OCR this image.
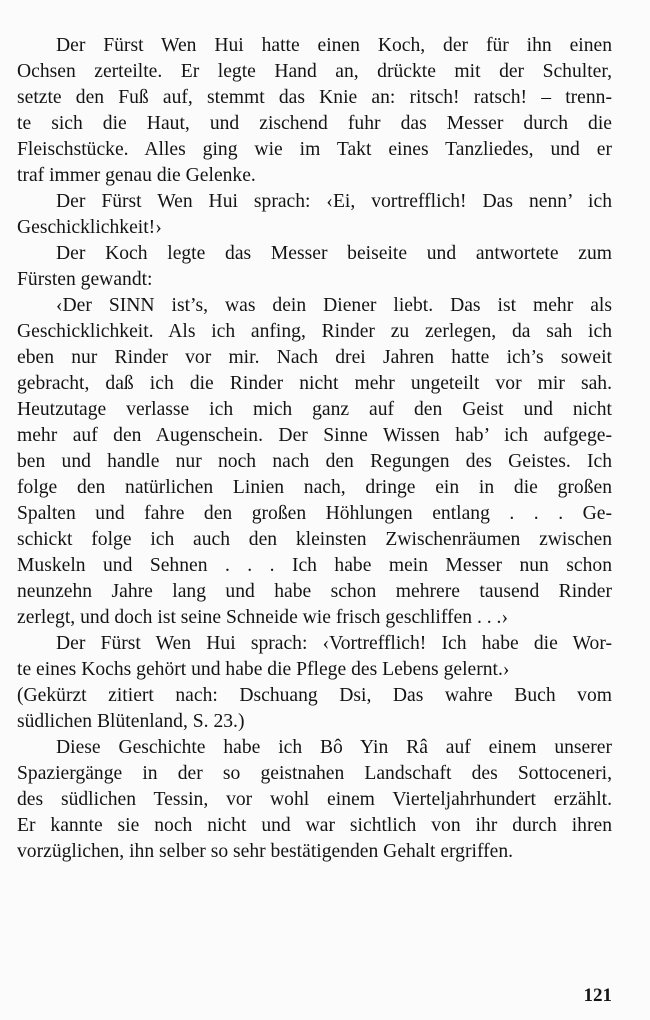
Der Fürst Wen Hui hatte einen Koch, der für ihn einen
Ochsen zerteilte. Er legte Hand an, drückte mit der Schulter,
setzte den Fuß auf, stemmt das Knie an: ritsch! ratsch! – trenn-
te sich die Haut, und zischend fuhr das Messer durch die
Fleischstücke. Alles ging wie im Takt eines Tanzliedes, und er
traf immer genau die Gelenke.
Der Fürst Wen Hui sprach: ‹Ei, vortrefflich! Das nenn’ ich
Geschicklichkeit!›
Der Koch legte das Messer beiseite und antwortete zum
Fürsten gewandt:
‹Der SINN ist’s, was dein Diener liebt. Das ist mehr als
Geschicklichkeit. Als ich anfing, Rinder zu zerlegen, da sah ich
eben nur Rinder vor mir. Nach drei Jahren hatte ich’s soweit
gebracht, daß ich die Rinder nicht mehr ungeteilt vor mir sah.
Heutzutage verlasse ich mich ganz auf den Geist und nicht
mehr auf den Augenschein. Der Sinne Wissen hab’ ich aufgege-
ben und handle nur noch nach den Regungen des Geistes. Ich
folge den natürlichen Linien nach, dringe ein in die großen
Spalten und fahre den großen Höhlungen entlang . . . Ge-
schickt folge ich auch den kleinsten Zwischenräumen zwischen
Muskeln und Sehnen . . . Ich habe mein Messer nun schon
neunzehn Jahre lang und habe schon mehrere tausend Rinder
zerlegt, und doch ist seine Schneide wie frisch geschliffen . . .›
Der Fürst Wen Hui sprach: ‹Vortrefflich! Ich habe die Wor-
te eines Kochs gehört und habe die Pflege des Lebens gelernt.›
(Gekürzt zitiert nach: Dschuang Dsi, Das wahre Buch vom
südlichen Blütenland, S. 23.)
Diese Geschichte habe ich Bô Yin Râ auf einem unserer
Spaziergänge in der so geistnahen Landschaft des Sottoceneri,
des südlichen Tessin, vor wohl einem Vierteljahrhundert erzählt.
Er kannte sie noch nicht und war sichtlich von ihr durch ihren
vorzüglichen, ihn selber so sehr bestätigenden Gehalt ergriffen.
121
